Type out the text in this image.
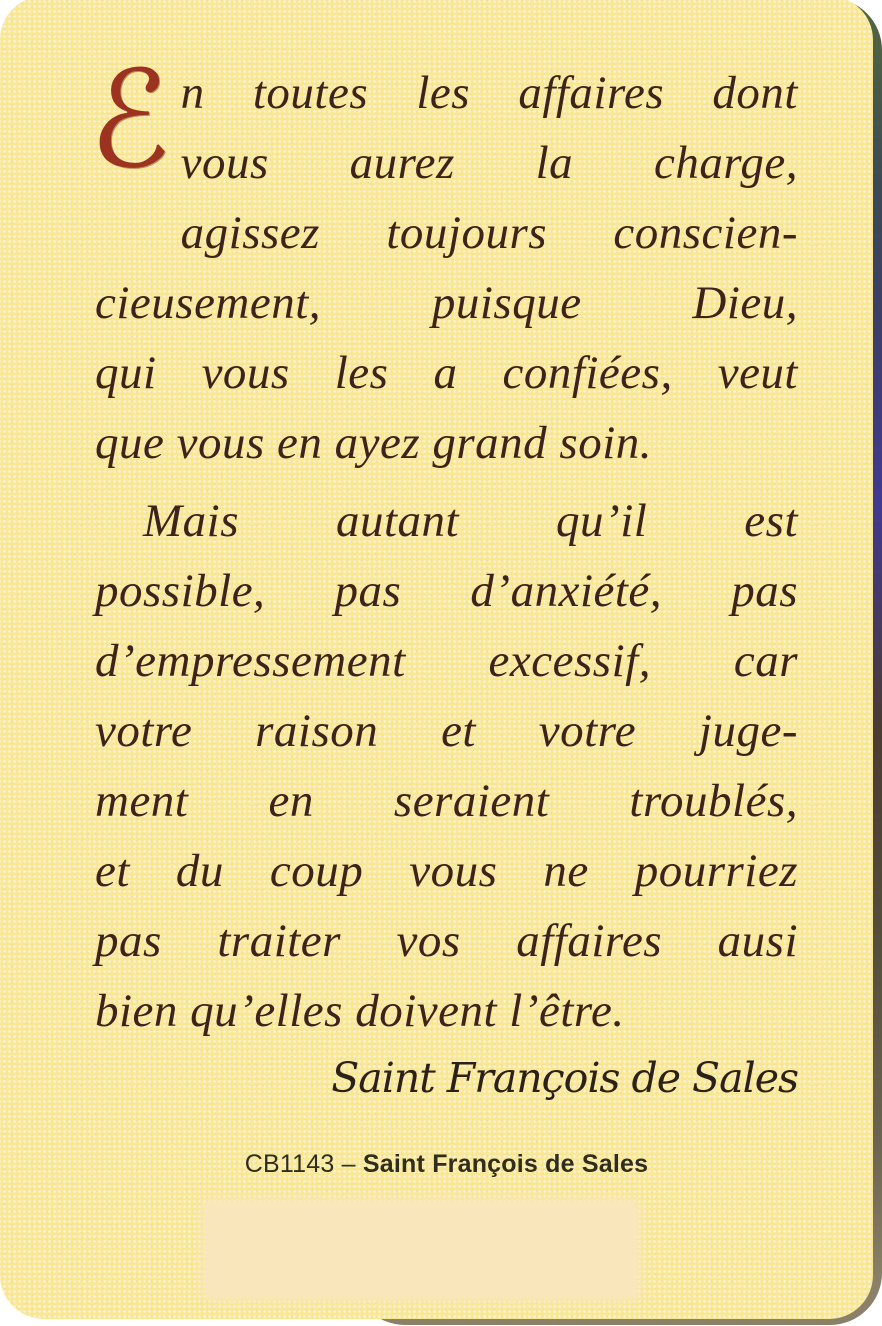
ℰ n toutes les affaires dont
vous aurez la charge,
agissez toujours conscien-
cieusement, puisque Dieu,
qui vous les a confiées, veut
que vous en ayez grand soin.
Mais autant qu’il est
possible, pas d’anxiété, pas
d’empressement excessif, car
votre raison et votre juge-
ment en seraient troublés,
et du coup vous ne pourriez
pas traiter vos affaires ausi
bien qu’elles doivent l’être.
Saint François de Sales
CB1143 – Saint François de Sales
